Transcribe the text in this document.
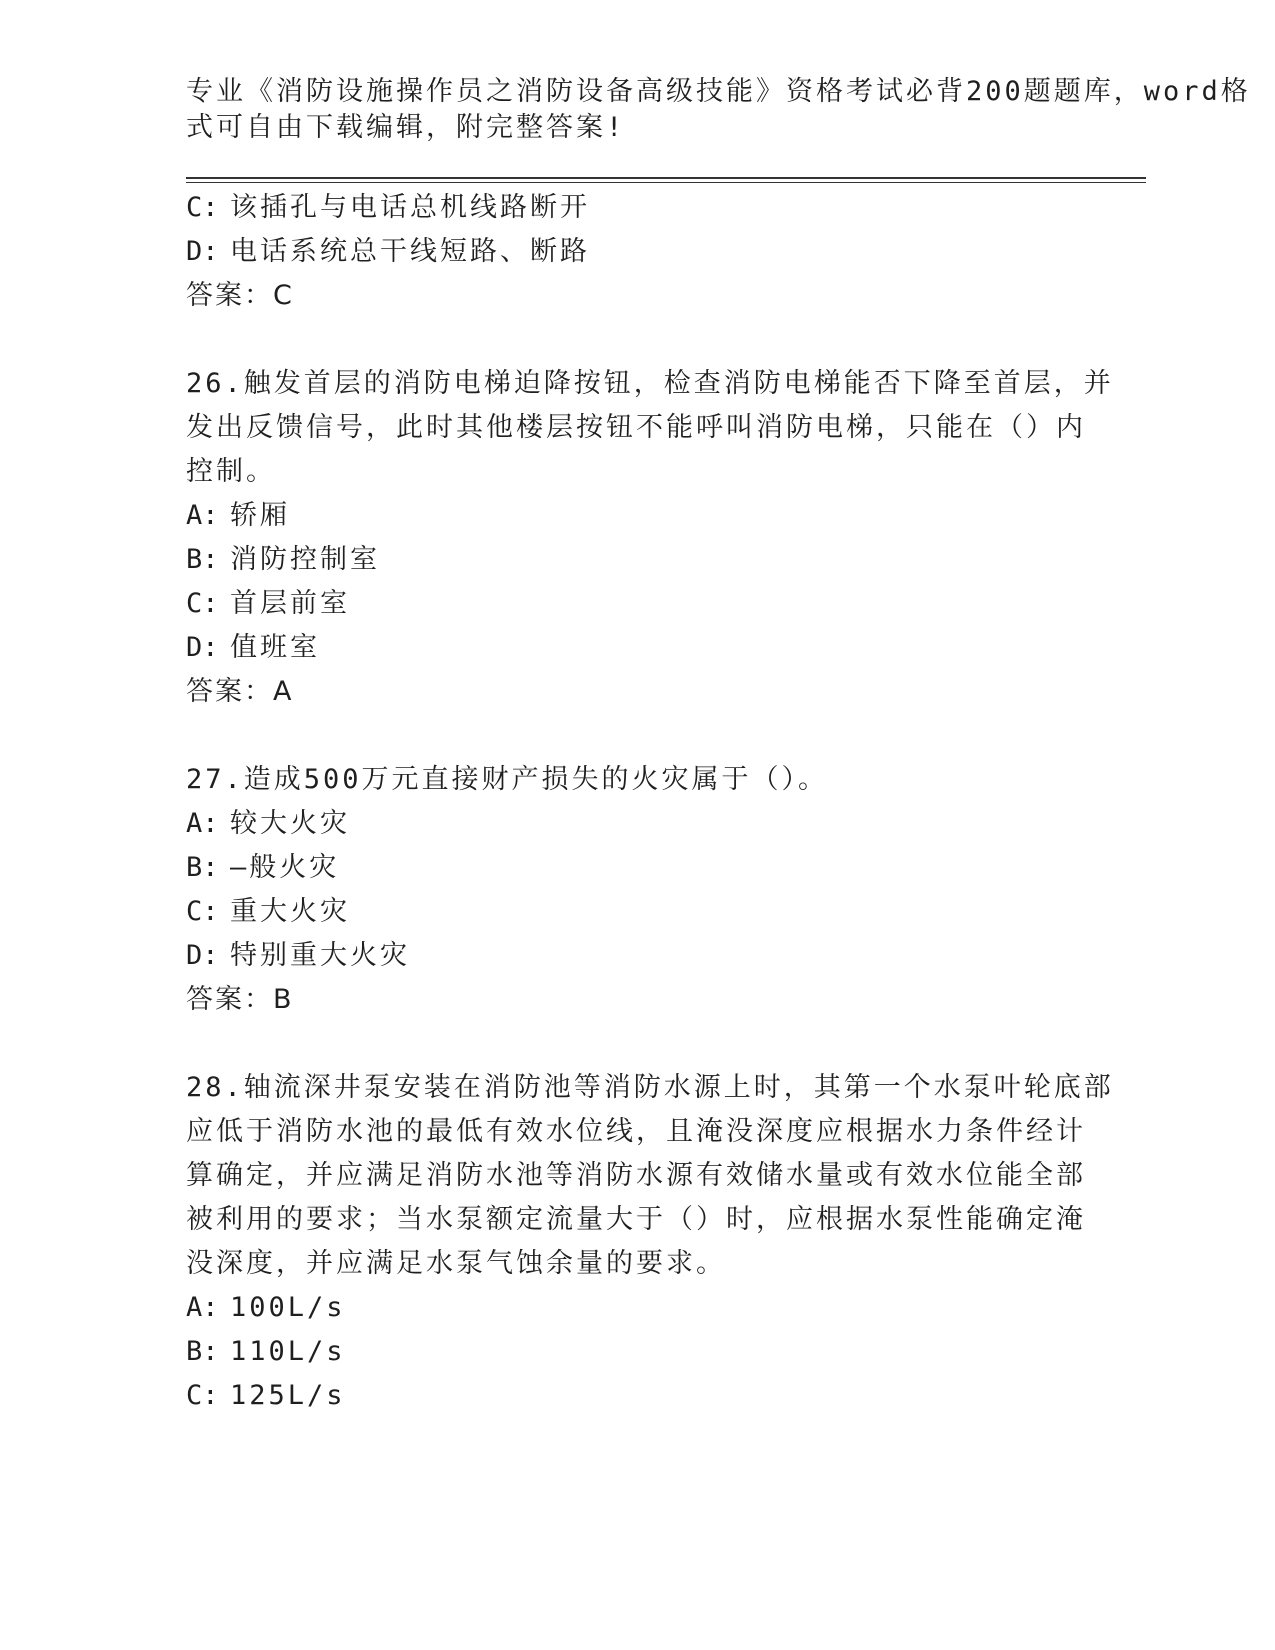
专业《消防设施操作员之消防设备高级技能》资格考试必背200题题库，word格
式可自由下载编辑，附完整答案!
C: 该插孔与电话总机线路断开
D: 电话系统总干线短路、断路
答案：C
26.触发首层的消防电梯迫降按钮，检查消防电梯能否下降至首层，并
发出反馈信号，此时其他楼层按钮不能呼叫消防电梯，只能在（）内
控制。
A: 轿厢
B: 消防控制室
C: 首层前室
D: 值班室
答案：A
27.造成500万元直接财产损失的火灾属于（）。
A: 较大火灾
B: —般火灾
C: 重大火灾
D: 特别重大火灾
答案：B
28.轴流深井泵安装在消防池等消防水源上时，其第一个水泵叶轮底部
应低于消防水池的最低有效水位线，且淹没深度应根据水力条件经计
算确定，并应满足消防水池等消防水源有效储水量或有效水位能全部
被利用的要求；当水泵额定流量大于（）时，应根据水泵性能确定淹
没深度，并应满足水泵气蚀余量的要求。
A: 100L/s
B: 110L/s
C: 125L/s
